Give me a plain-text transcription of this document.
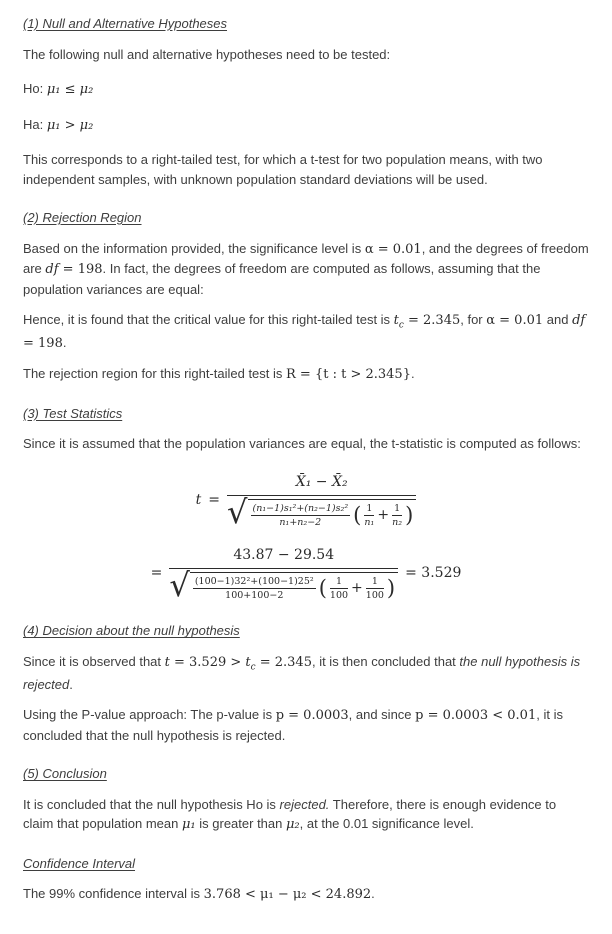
(1) Null and Alternative Hypotheses

The following null and alternative hypotheses need to be tested:

Ho: μ₁ ≤ μ₂

Ha: μ₁ > μ₂

This corresponds to a right-tailed test, for which a t-test for two population means, with two independent samples, with unknown population standard deviations will be used.

(2) Rejection Region

Based on the information provided, the significance level is α = 0.01, and the degrees of freedom are df = 198. In fact, the degrees of freedom are computed as follows, assuming that the population variances are equal:

Hence, it is found that the critical value for this right-tailed test is $t_c = 2.345$, for α = 0.01 and df = 198.

The rejection region for this right-tailed test is R = {t : t > 2.345}.

(3) Test Statistics

Since it is assumed that the population variances are equal, the t-statistic is computed as follows:

t =
X̄₁ − X̄₂
√ $\frac{\text{(n₁−1)s₁²+(n₂−1)s₂²}}{\text{n₁+n₂−2}}$ ( $\frac{1}{\text{n₁}} + \frac{1}{\text{n₂}}$ )
=
43.87 − 29.54
√ $\frac{\text{(100−1)32²+(100−1)25²}}{100+100-2}$ ( $\frac{1}{100} + \frac{1}{100}$ )
= 3.529
(4) Decision about the null hypothesis

Since it is observed that $t = 3.529 > t_c = 2.345$, it is then concluded that the null hypothesis is rejected.

Using the P-value approach: The p-value is p = 0.0003, and since p = 0.0003 < 0.01, it is concluded that the null hypothesis is rejected.

(5) Conclusion

It is concluded that the null hypothesis Ho is rejected. Therefore, there is enough evidence to claim that population mean μ₁ is greater than μ₂, at the 0.01 significance level.

Confidence Interval

The 99% confidence interval is 3.768 < μ₁ − μ₂ < 24.892.
